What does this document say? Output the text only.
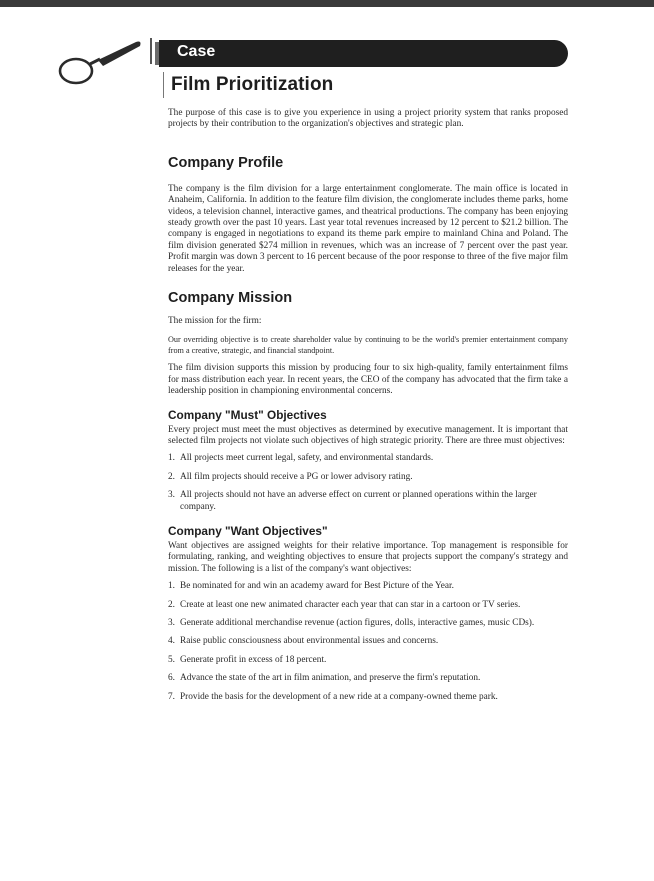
Case
Film Prioritization

The purpose of this case is to give you experience in using a project priority system that ranks proposed projects by their contribution to the organization's objectives and strategic plan.

Company Profile

The company is the film division for a large entertainment conglomerate. The main office is located in Anaheim, California. In addition to the feature film division, the conglomerate includes theme parks, home videos, a television channel, interactive games, and theatrical productions. The company has been enjoying steady growth over the past 10 years. Last year total revenues increased by 12 percent to $21.2 billion. The company is engaged in negotiations to expand its theme park empire to mainland China and Poland. The film division generated $274 million in revenues, which was an increase of 7 percent over the past year. Profit margin was down 3 percent to 16 percent because of the poor response to three of the five major film releases for the year.

Company Mission

The mission for the firm:

Our overriding objective is to create shareholder value by continuing to be the world's premier entertainment company from a creative, strategic, and financial standpoint.

The film division supports this mission by producing four to six high-quality, family entertainment films for mass distribution each year. In recent years, the CEO of the company has advocated that the firm take a leadership position in championing environmental concerns.

Company "Must" Objectives

Every project must meet the must objectives as determined by executive management. It is important that selected film projects not violate such objectives of high strategic priority. There are three must objectives:

1. All projects meet current legal, safety, and environmental standards.
2. All film projects should receive a PG or lower advisory rating.
3. All projects should not have an adverse effect on current or planned operations within the larger company.
Company "Want Objectives"

Want objectives are assigned weights for their relative importance. Top management is responsible for formulating, ranking, and weighting objectives to ensure that projects support the company's strategy and mission. The following is a list of the company's want objectives:

1. Be nominated for and win an academy award for Best Picture of the Year.
2. Create at least one new animated character each year that can star in a cartoon or TV series.
3. Generate additional merchandise revenue (action figures, dolls, interactive games, music CDs).
4. Raise public consciousness about environmental issues and concerns.
5. Generate profit in excess of 18 percent.
6. Advance the state of the art in film animation, and preserve the firm's reputation.
7. Provide the basis for the development of a new ride at a company-owned theme park.
